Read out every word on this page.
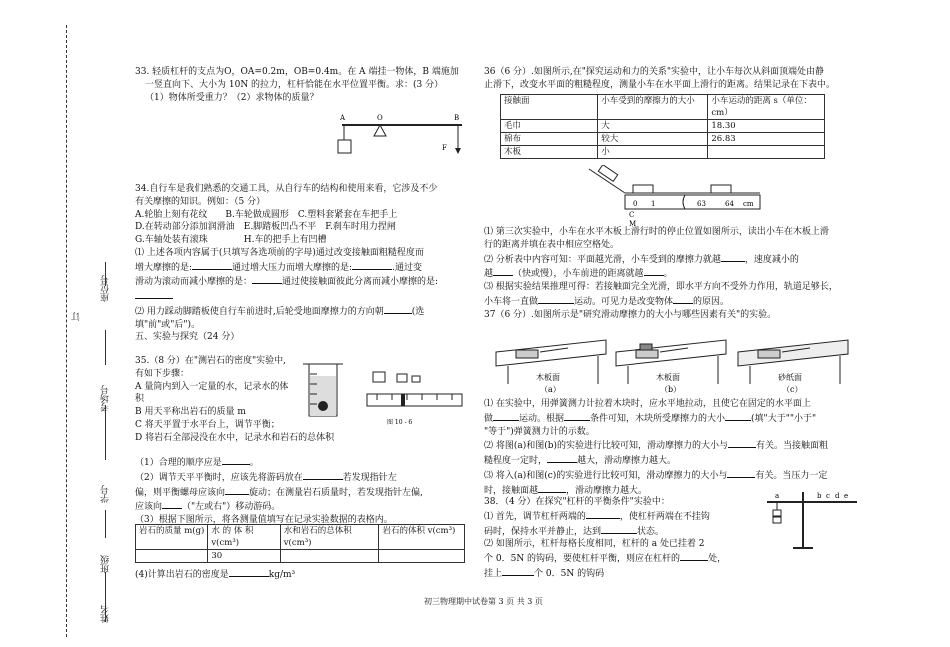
座位号
订
考场号
学号
班级
姓名

33. 轻质杠杆的支点为O，OA=0.2m，OB=0.4m。在 A 端挂一物体，B 端施加

一竖直向下、大小为 10N 的拉力，杠杆恰能在水平位置平衡。求：(3 分）

（1）物体所受重力？（2）求物体的质量？

A	O	B
F

34.自行车是我们熟悉的交通工具，从自行车的结构和使用来看，它涉及不少

有关摩擦的知识。例如：（5 分）

A.轮胎上刻有花纹　　B.车轮做成圆形　C.塑料套紧套在车把手上

D.在转动部分添加润滑油　E.脚踏板凹凸不平　F.刹车时用力捏闸

G.车轴处装有滚珠　　　　H.车的把手上有凹槽

⑴ 上述各项内容属于(只填写各选项前的字母)通过改变接触面粗糙程度而

增大摩擦的是:	通过增大压力而增大摩擦的是:	.通过变

滑动为滚动而减小摩擦的是：	通过使接触面彼此分离而减小摩擦的是:

⑵ 用力踩动脚踏板使自行车前进时,后轮受地面摩擦力的方向朝	(选

填"前"或"后")。

五、实验与探究（24 分）

35.（8 分）在"测岩石的密度"实验中,

有如下步骤：

A 量筒内到入一定量的水，记录水的体

积

B 用天平称出岩石的质量 m

C 将天平置于水平台上，调节平衡；

D 将岩石全部浸没在水中，记录水和岩石的总体积

（1）合理的顺序应是	。

（2）调节天平平衡时，应该先将游码放在	若发现指针左

偏，则平衡螺母应该向	旋动；在测量岩石质量时，若发现指针左偏,

应该向 （"左或右"）移动游码。

（3）根据下图所示，将各测量值填写在记录实验数据的表格内。

图 10 - 6
岩石的质量 m(g)	水 的 体 积 v(cm³)	水和岩石的总体积 v(cm³)	岩石的体积 v(cm³)
	30		

(4)计算出岩石的密度是	kg/m³

36（6 分）.如图所示,在"探究运动和力的关系"实验中，让小车每次从斜面顶端处由静

止滑下，改变水平面的粗糙程度，测量小车在水平面上滑行的距离。结果记录在下表中。

接触面	小车受到的摩擦力的大小	小车运动的距离 s（单位：cm）
毛巾	大	18.30
棉布	较大	26.83
木板	小	
0 1	63	64 cm
C
M

⑴ 第三次实验中，小车在水平木板上滑行时的停止位置如图所示，读出小车在木板上滑

行的距离并填在表中相应空格处。

⑵ 分析表中内容可知：平面越光滑，小车受到的摩擦力就越	，速度减小的

越 （快或慢），小车前进的距离就越 。

⑶ 根据实验结果推理可得：若接触面完全光滑，即水平方向不受外力作用，轨道足够长，

小车将一直做	运动。可见力是改变物体 的原因。

37（6 分）.如图所示是"研究滑动摩擦力的大小与哪些因素有关"的实验。

木板面
（a）
木板面
（b）
砂纸面
（c）

⑴ 在实验中，用弹簧测力计拉着木块时，应水平地拉动，且使它在固定的水平面上

做	运动。根据	条件可知，木块所受摩擦力的大小	(填"大于""小于"

"等于")弹簧测力计的示数。

⑵ 将图(a)和图(b)的实验进行比较可知，滑动摩擦力的大小与	有关。当接触面粗

糙程度一定时，	越大，滑动摩擦力越大。

⑶ 将入(a)和图(c)的实验进行比较可知，滑动摩擦力的大小与	有关。当压力一定

时，接触面越	，滑动摩擦力越大。

38．（4 分）在探究"杠杆的平衡条件"实验中：

⑴ 首先，调节杠杆两端的	，使杠杆两端在不挂钩

码时，保持水平并静止，达到	状态。

⑵ 如图所示，杠杆每格长度相同，杠杆的 a 处已挂着 2

个 0．5N 的钩码，要使杠杆平衡，则应在杠杆的	处，

挂上	个 0．5N 的钩码

a	b c d e
初三物理期中试卷第 3 页 共 3 页
